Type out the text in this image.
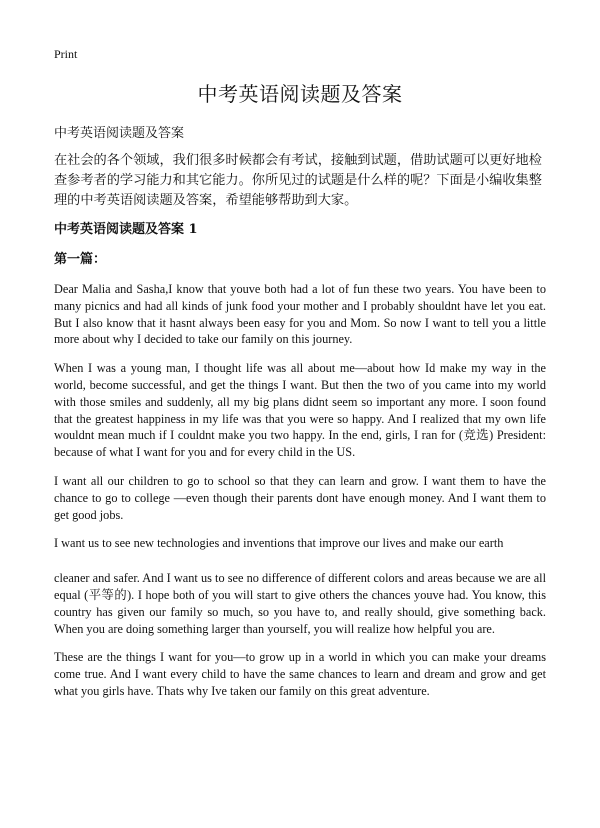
Print
中考英语阅读题及答案
中考英语阅读题及答案
在社会的各个领域，我们很多时候都会有考试，接触到试题，借助试题可以更好地检查参考者的学习能力和其它能力。你所见过的试题是什么样的呢？下面是小编收集整理的中考英语阅读题及答案，希望能够帮助到大家。
中考英语阅读题及答案 1
第一篇：

Dear Malia and Sasha,I know that youve both had a lot of fun these two years. You have been to many picnics and had all kinds of junk food your mother and I probably shouldnt have let you eat. But I also know that it hasnt always been easy for you and Mom. So now I want to tell you a little more about why I decided to take our family on this journey.

When I was a young man, I thought life was all about me—about how Id make my way in the world, become successful, and get the things I want. But then the two of you came into my world with those smiles and suddenly, all my big plans didnt seem so important any more. I soon found that the greatest happiness in my life was that you were so happy. And I realized that my own life wouldnt mean much if I couldnt make you two happy. In the end, girls, I ran for (竞选) President: because of what I want for you and for every child in the US.

I want all our children to go to school so that they can learn and grow. I want them to have the chance to go to college —even though their parents dont have enough money. And I want them to get good jobs.

I want us to see new technologies and inventions that improve our lives and make our earth

cleaner and safer. And I want us to see no difference of different colors and areas because we are all equal (平等的). I hope both of you will start to give others the chances youve had. You know, this country has given our family so much, so you have to, and really should, give something back. When you are doing something larger than yourself, you will realize how helpful you are.

These are the things I want for you—to grow up in a world in which you can make your dreams come true. And I want every child to have the same chances to learn and dream and grow and get what you girls have. Thats why Ive taken our family on this great adventure.
